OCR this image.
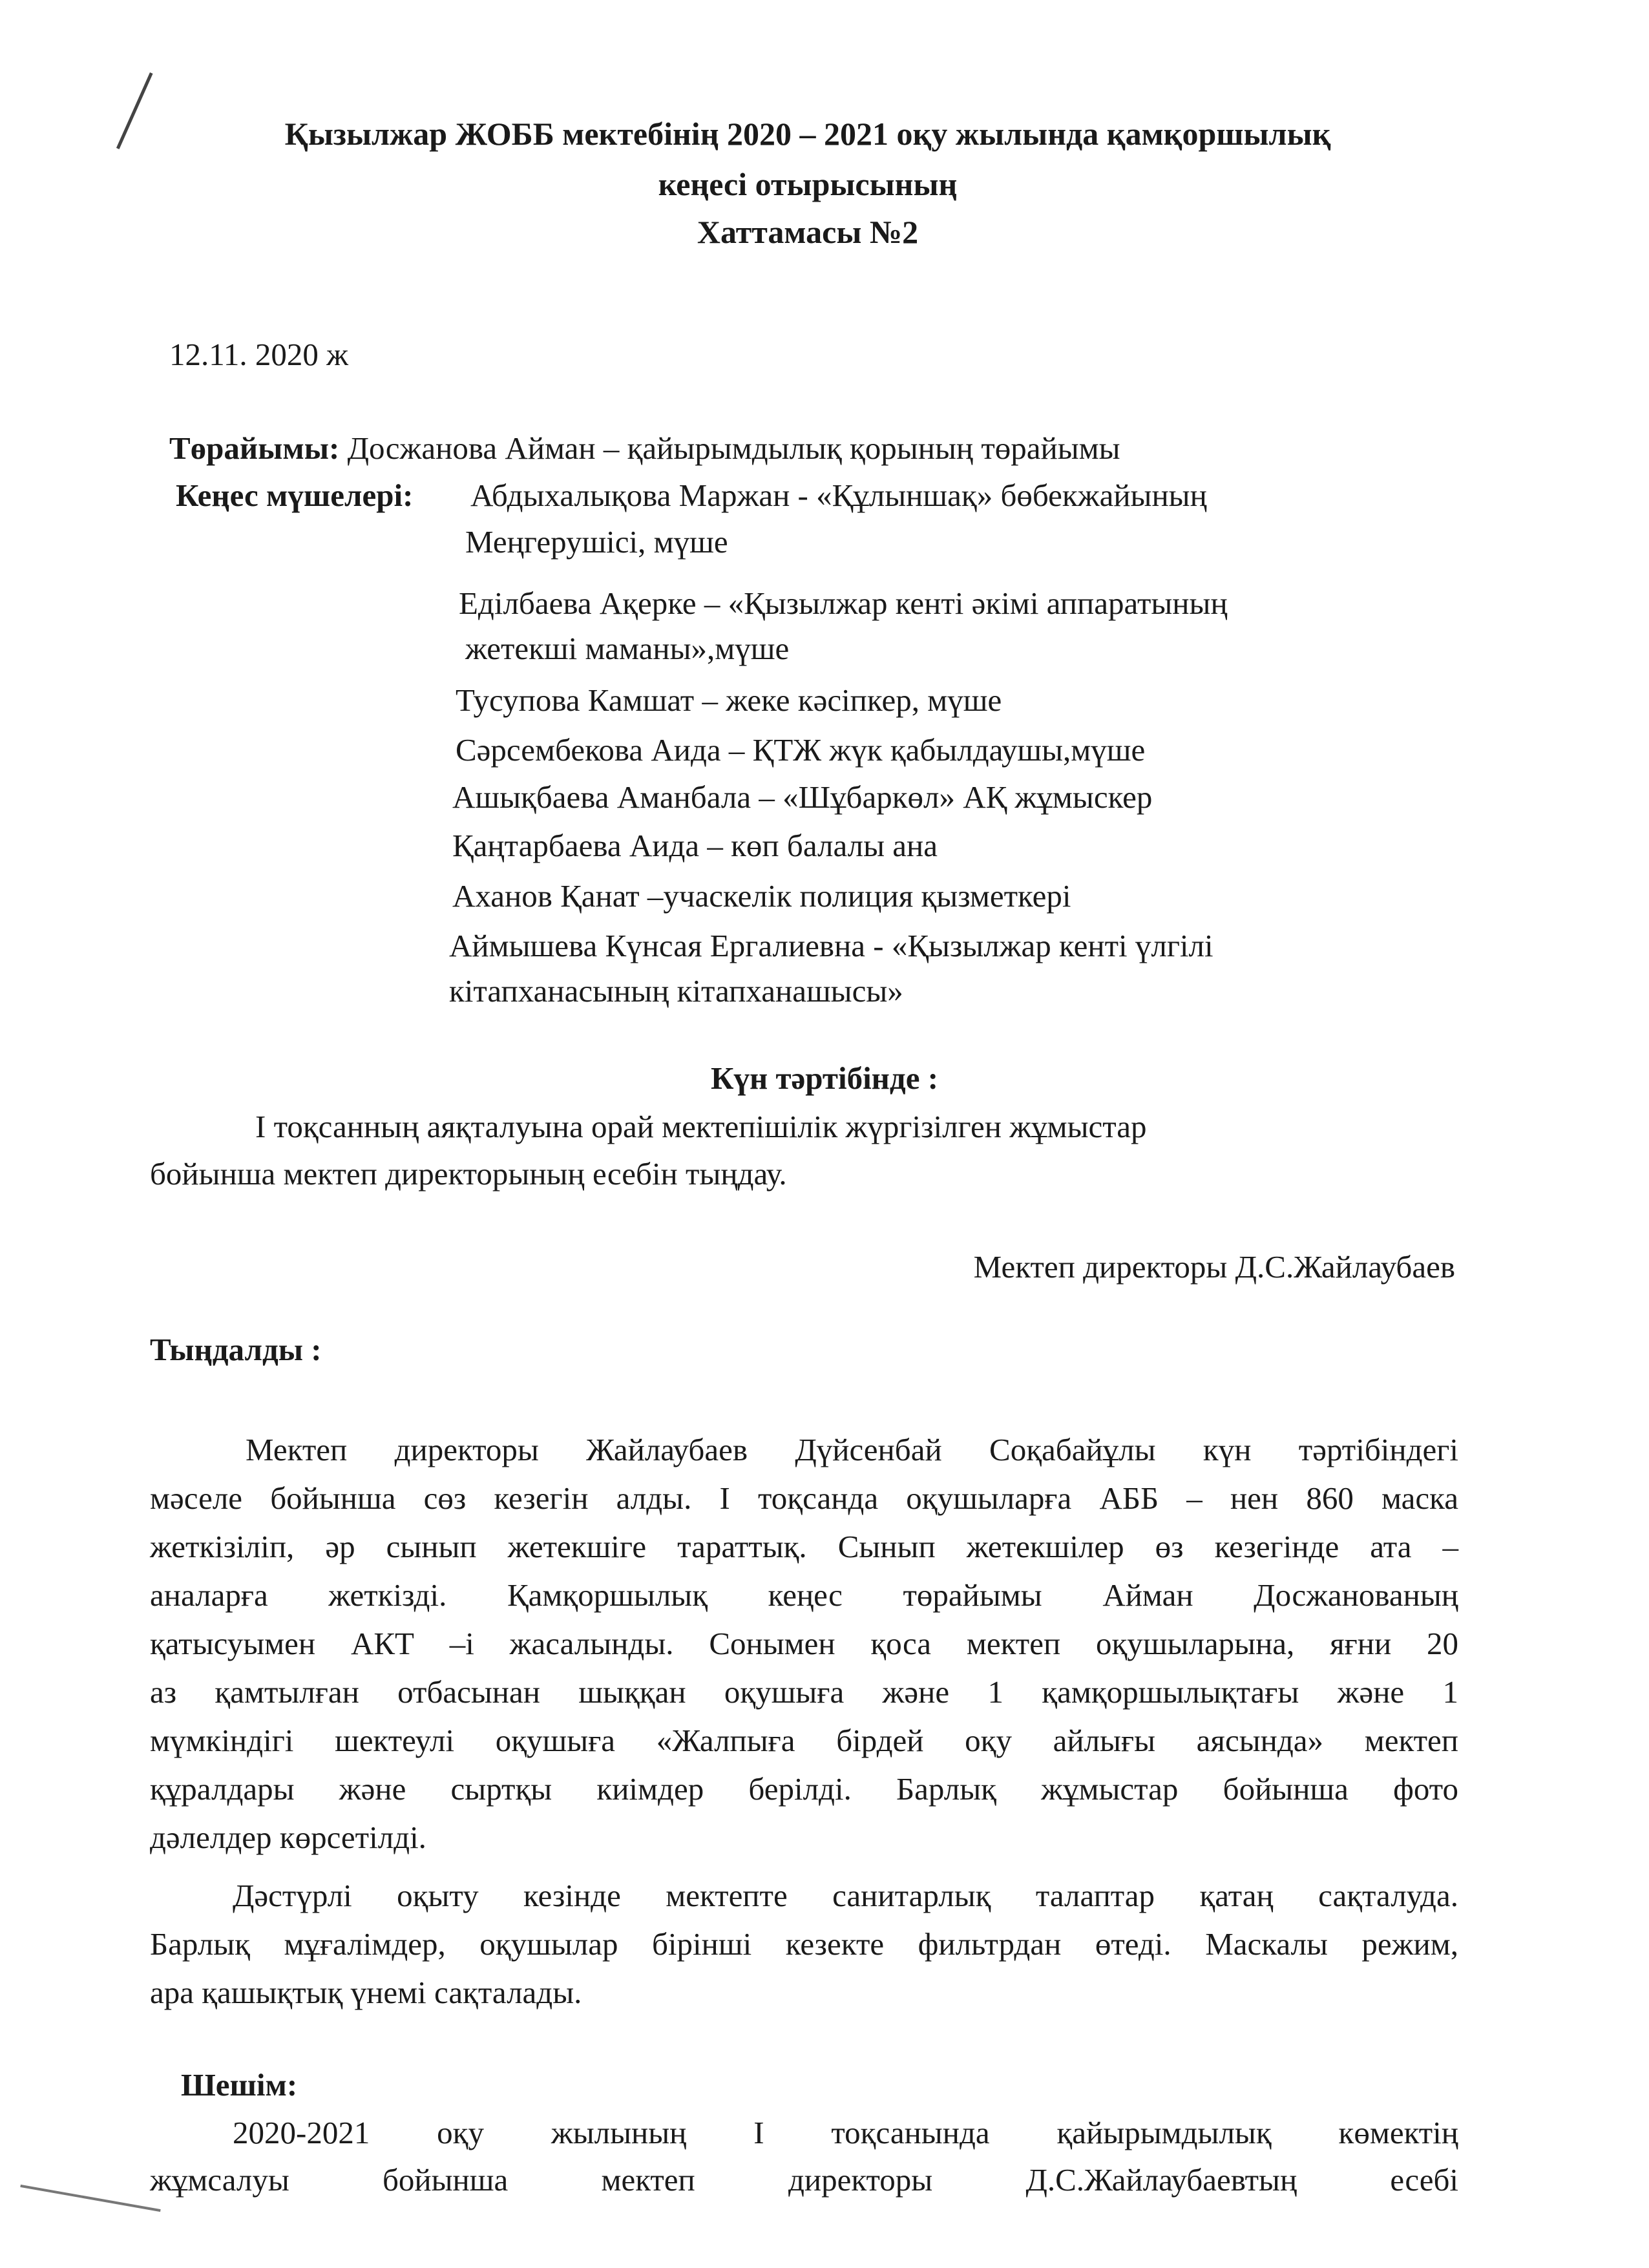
Қызылжар ЖОББ мектебінің 2020 – 2021 оқу жылында қамқоршылық
кеңесі отырысының
Хаттамасы №2
12.11. 2020 ж
Төрайымы: Досжанова Айман – қайырымдылық қорының төрайымы
Кеңес мүшелері: Абдыхалықова Маржан - «Құлыншақ» бөбекжайының
Меңгерушісі, мүше
Еділбаева Ақерке – «Қызылжар кенті әкімі аппаратының
жетекші маманы»,мүше
Тусупова Камшат – жеке кәсіпкер, мүше
Сәрсембекова Аида – ҚТЖ жүк қабылдаушы,мүше
Ашықбаева Аманбала – «Шұбаркөл» АҚ жұмыскер
Қаңтарбаева Аида – көп балалы ана
Аханов Қанат –учаскелік полиция қызметкері
Аймышева Күнсая Ергалиевна - «Қызылжар кенті үлгілі
кітапханасының кітапханашысы»
Күн тәртібінде :
І тоқсанның аяқталуына орай мектепішілік жүргізілген жұмыстар
бойынша мектеп директорының есебін тыңдау.
Мектеп директоры Д.С.Жайлаубаев
Тыңдалды :
Мектеп директоры Жайлаубаев Дүйсенбай Соқабайұлы күн тәртібіндегі
мәселе бойынша сөз кезегін алды. І тоқсанда оқушыларға АББ – нен 860 маска
жеткізіліп, әр сынып жетекшіге тараттық. Сынып жетекшілер өз кезегінде ата –
аналарға жеткізді. Қамқоршылық кеңес төрайымы Айман Досжанованың
қатысуымен АКТ –і жасалынды. Сонымен қоса мектеп оқушыларына, яғни 20
аз қамтылған отбасынан шыққан оқушыға және 1 қамқоршылықтағы және 1
мүмкіндігі шектеулі оқушыға «Жалпыға бірдей оқу айлығы аясында» мектеп
құралдары және сыртқы киімдер берілді. Барлық жұмыстар бойынша фото
дәлелдер көрсетілді.
Дәстүрлі оқыту кезінде мектепте санитарлық талаптар қатаң сақталуда.
Барлық мұғалімдер, оқушылар бірінші кезекте фильтрдан өтеді. Маскалы режим,
ара қашықтық үнемі сақталады.
Шешім:
2020-2021 оқу жылының І тоқсанында қайырымдылық көмектің
жұмсалуы бойынша мектеп директоры Д.С.Жайлаубаевтың есебі
